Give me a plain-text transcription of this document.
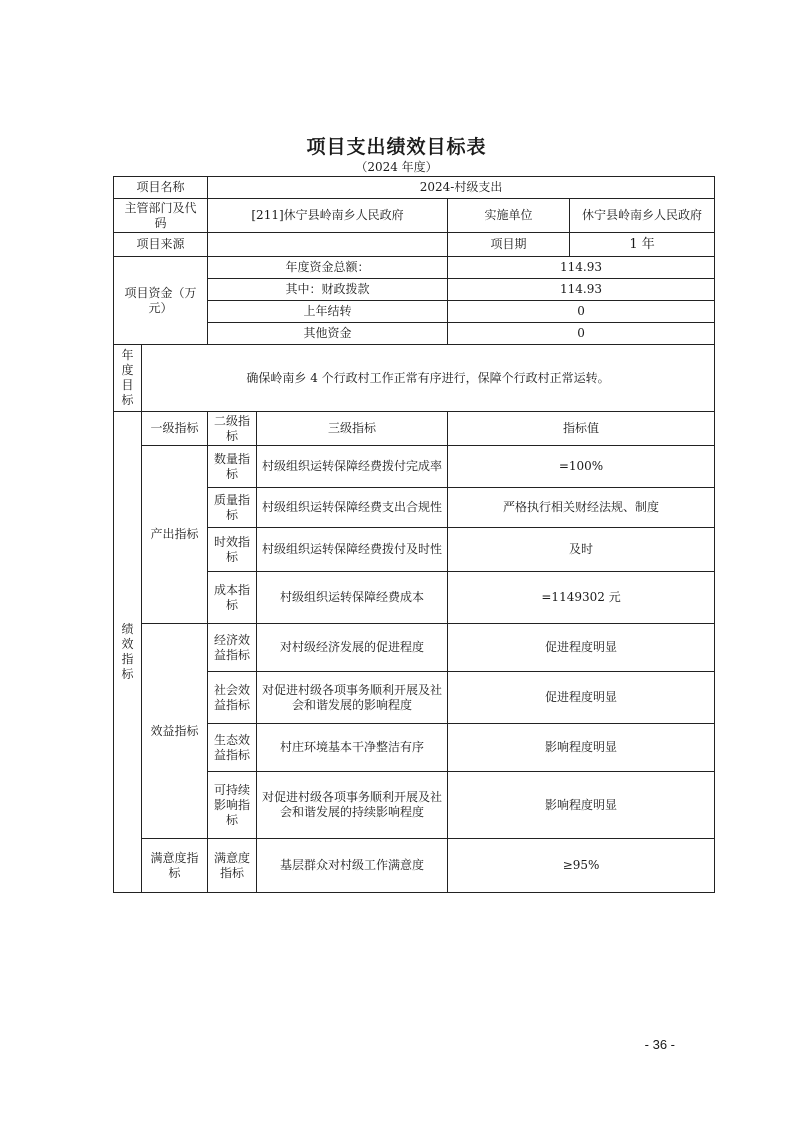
项目支出绩效目标表
（2024 年度）
项目名称		2024-村级支出			
主管部门及代码		[211]休宁县岭南乡人民政府		实施单位	休宁县岭南乡人民政府
项目来源				项目期	1 年
项目资金（万元）		年度资金总额：		114.93	
		其中：财政拨款		114.93	
		上年结转		0	
		其他资金		0	
年度目标	确保岭南乡 4 个行政村工作正常有序进行，保障个行政村正常运转。				
绩效指标	一级指标	二级指标	三级指标	指标值	
	产出指标	数量指标	村级组织运转保障经费拨付完成率	=100%	
		质量指标	村级组织运转保障经费支出合规性	严格执行相关财经法规、制度	
		时效指标	村级组织运转保障经费拨付及时性	及时	
		成本指标	村级组织运转保障经费成本	=1149302 元	
	效益指标	经济效益指标	对村级经济发展的促进程度	促进程度明显	
		社会效益指标	对促进村级各项事务顺利开展及社会和谐发展的影响程度	促进程度明显	
		生态效益指标	村庄环境基本干净整洁有序	影响程度明显	
		可持续影响指标	对促进村级各项事务顺利开展及社会和谐发展的持续影响程度	影响程度明显	
	满意度指标	满意度指标	基层群众对村级工作满意度	≥95%	
- 36 -
